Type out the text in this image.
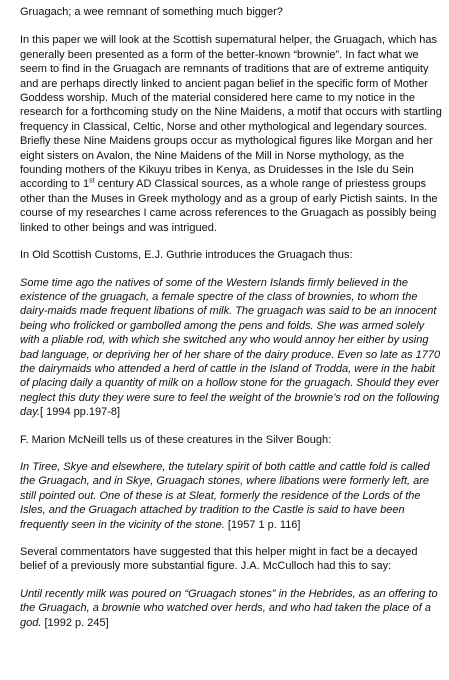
Gruagach; a wee remnant of something much bigger?

In this paper we will look at the Scottish supernatural helper, the Gruagach, which has generally been presented as a form of the better-known “brownie”. In fact what we seem to find in the Gruagach are remnants of traditions that are of extreme antiquity and are perhaps directly linked to ancient pagan belief in the specific form of Mother Goddess worship. Much of the material considered here came to my notice in the research for a forthcoming study on the Nine Maidens, a motif that occurs with startling frequency in Classical, Celtic, Norse and other mythological and legendary sources. Briefly these Nine Maidens groups occur as mythological figures like Morgan and her eight sisters on Avalon, the Nine Maidens of the Mill in Norse mythology, as the founding mothers of the Kikuyu tribes in Kenya, as Druidesses in the Isle du Sein according to 1st century AD Classical sources, as a whole range of priestess groups other than the Muses in Greek mythology and as a group of early Pictish saints. In the course of my researches I came across references to the Gruagach as possibly being linked to other beings and was intrigued.

In Old Scottish Customs, E.J. Guthrie introduces the Gruagach thus:

Some time ago the natives of some of the Western Islands firmly believed in the existence of the gruagach, a female spectre of the class of brownies, to whom the dairy-maids made frequent libations of milk. The gruagach was said to be an innocent being who frolicked or gambolled among the pens and folds. She was armed solely with a pliable rod, with which she switched any who would annoy her either by using bad language, or depriving her of her share of the dairy produce. Even so late as 1770 the dairymaids who attended a herd of cattle in the Island of Trodda, were in the habit of placing daily a quantity of milk on a hollow stone for the gruagach. Should they ever neglect this duty they were sure to feel the weight of the brownie’s rod on the following day.[ 1994 pp.197-8]

F. Marion McNeill tells us of these creatures in the Silver Bough:

In Tiree, Skye and elsewhere, the tutelary spirit of both cattle and cattle fold is called the Gruagach, and in Skye, Gruagach stones, where libations were formerly left, are still pointed out. One of these is at Sleat, formerly the residence of the Lords of the Isles, and the Gruagach attached by tradition to the Castle is said to have been frequently seen in the vicinity of the stone. [1957 1 p. 116]

Several commentators have suggested that this helper might in fact be a decayed belief of a previously more substantial figure. J.A. McCulloch had this to say:

Until recently milk was poured on “Gruagach stones” in the Hebrides, as an offering to the Gruagach, a brownie who watched over herds, and who had taken the place of a god. [1992 p. 245]
